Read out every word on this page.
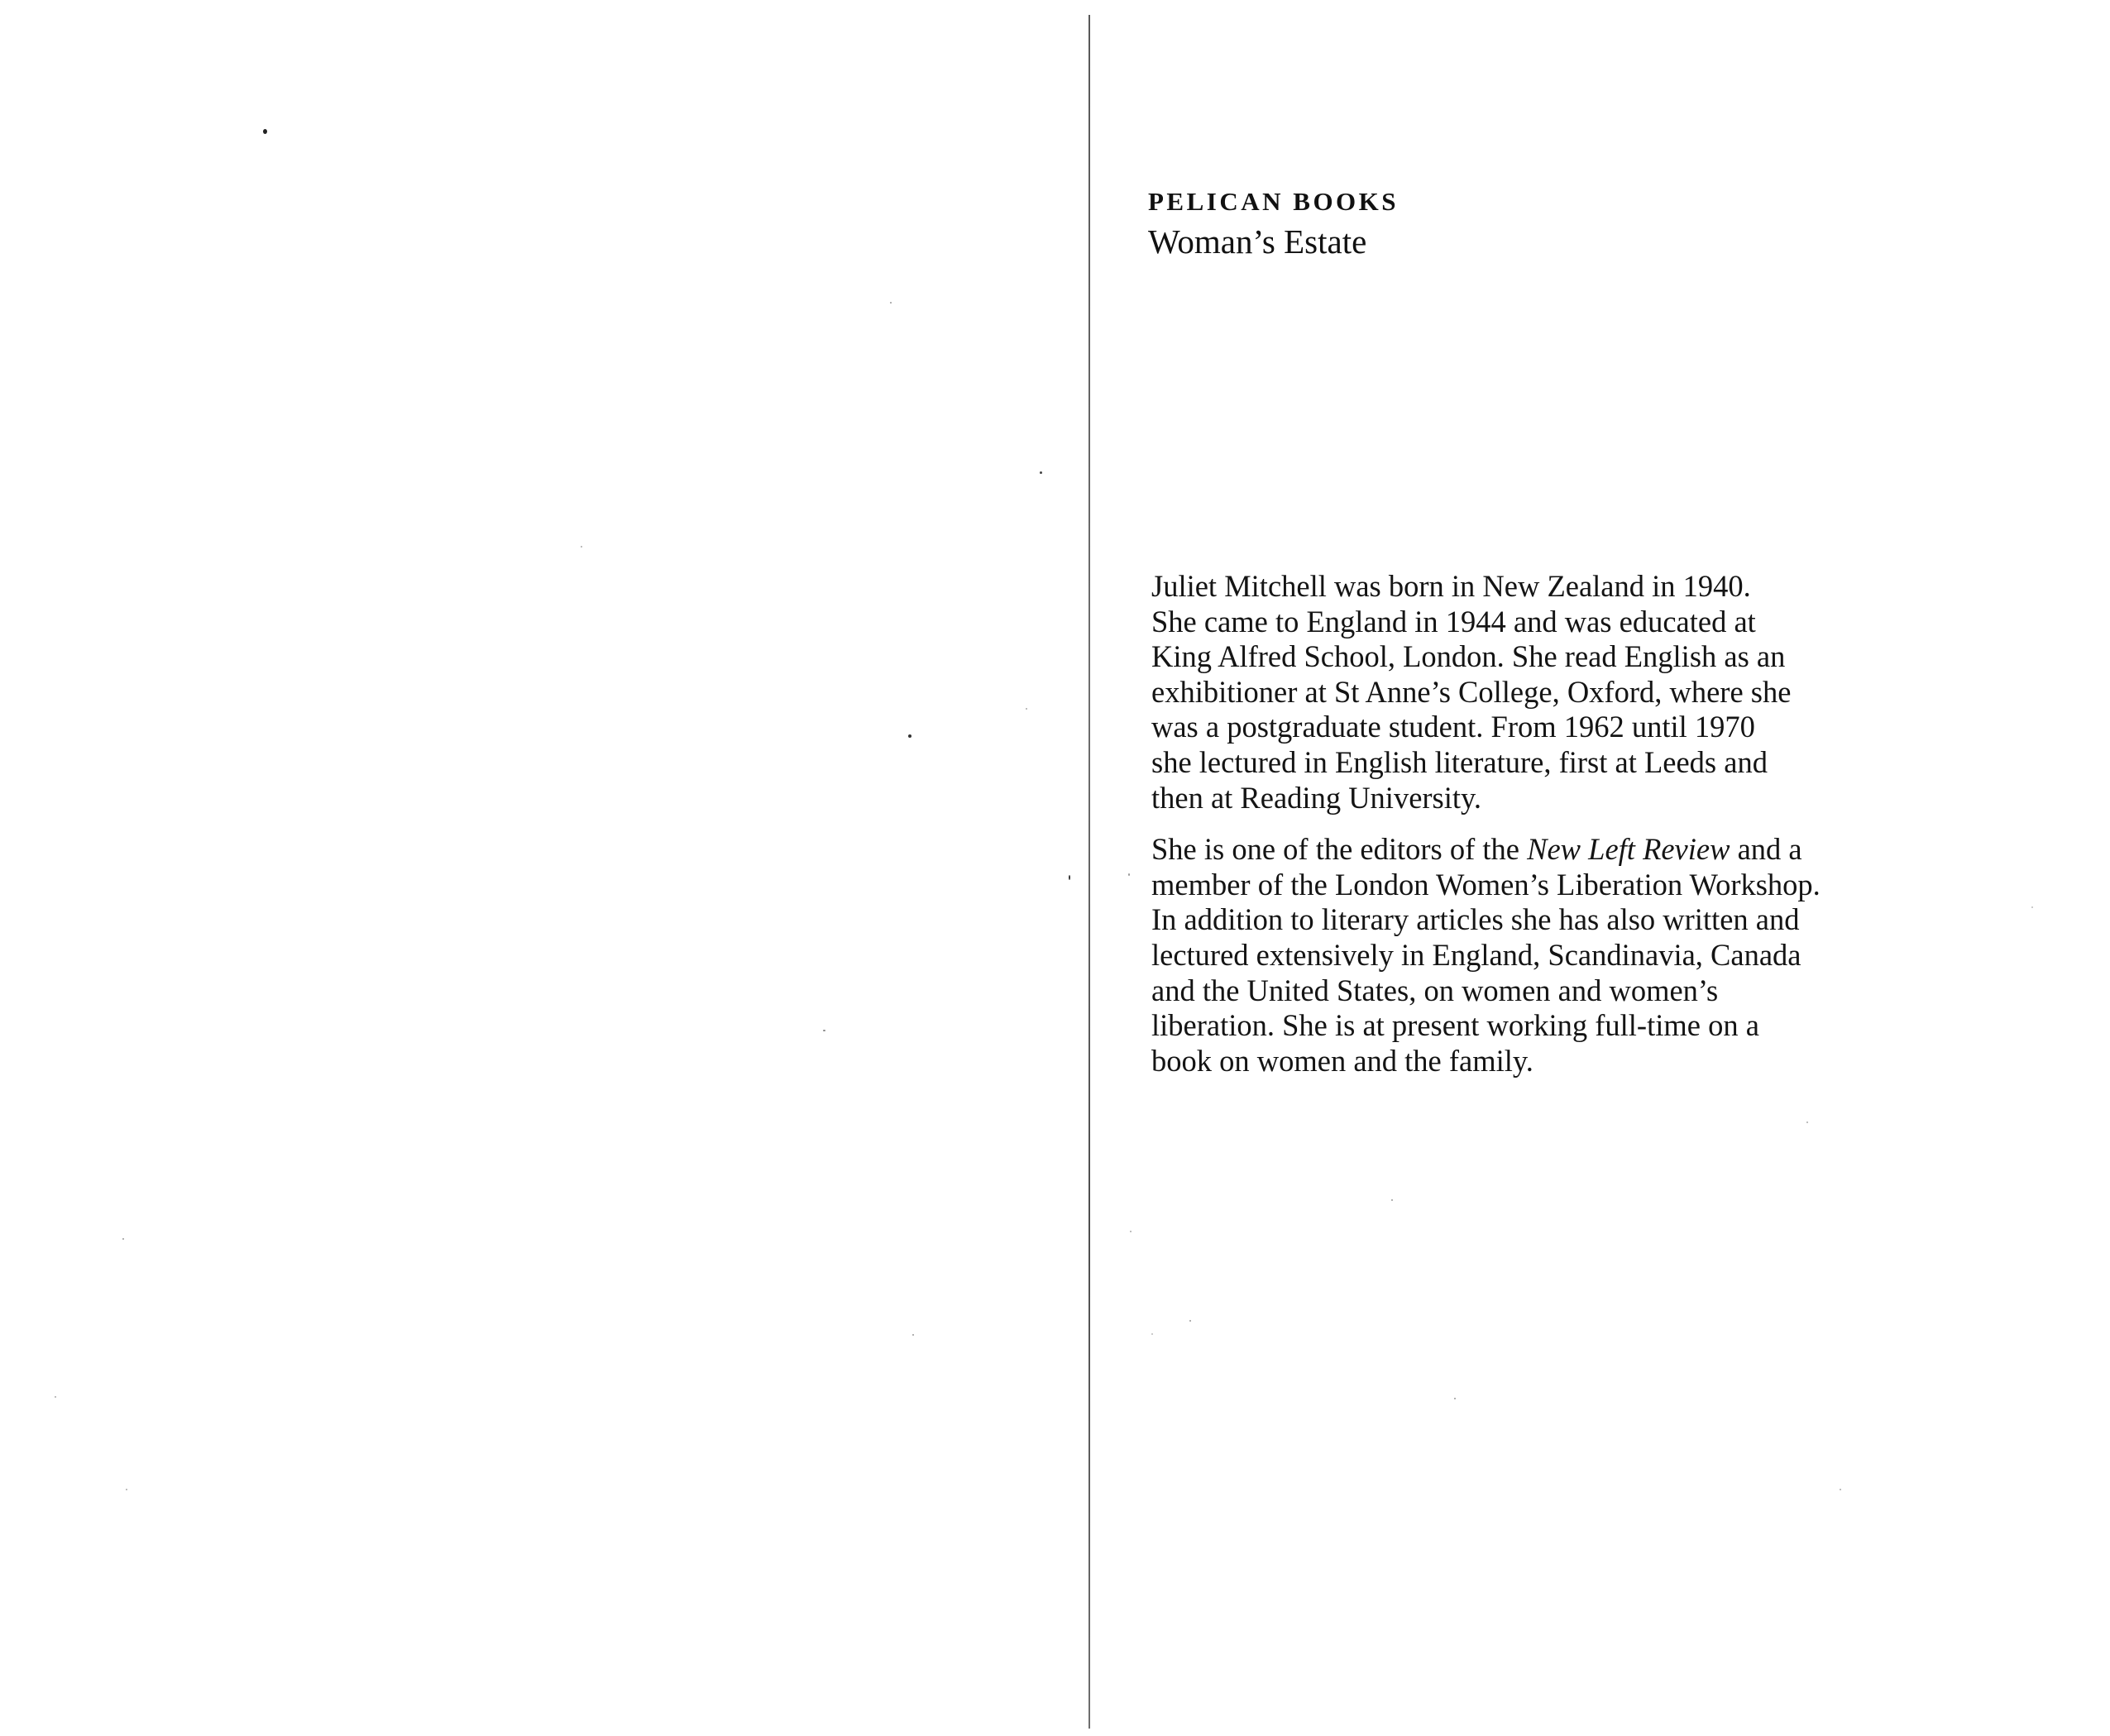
PELICAN BOOKS
Woman’s Estate

Juliet Mitchell was born in New Zealand in 1940.
She came to England in 1944 and was educated at
King Alfred School, London. She read English as an
exhibitioner at St Anne’s College, Oxford, where she
was a postgraduate student. From 1962 until 1970
she lectured in English literature, first at Leeds and
then at Reading University.

She is one of the editors of the New Left Review and a
member of the London Women’s Liberation Workshop.
In addition to literary articles she has also written and
lectured extensively in England, Scandinavia, Canada
and the United States, on women and women’s
liberation. She is at present working full-time on a
book on women and the family.
